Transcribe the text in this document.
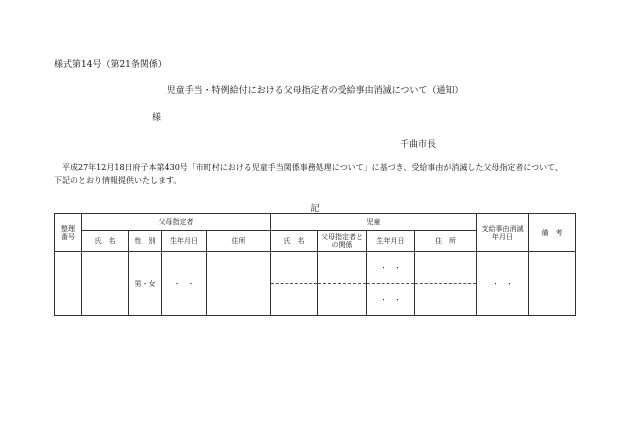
様式第14号（第21条関係）
児童手当・特例給付における父母指定者の受給事由消滅について（通知）
様
千曲市長
　平成27年12月18日府子本第430号「市町村における児童手当関係事務処理について」に基づき、受給事由が消滅した父母指定者について、
下記のとおり情報提供いたします。
記
整理番号	父母指定者				児童				支給事由消滅年月日	備　考
	氏　名	性　別	生年月日	住所	氏　名	父母指定者との関係	生年月日	住　所		
		男・女	・　・				・　・		・　・	
							・　・			
